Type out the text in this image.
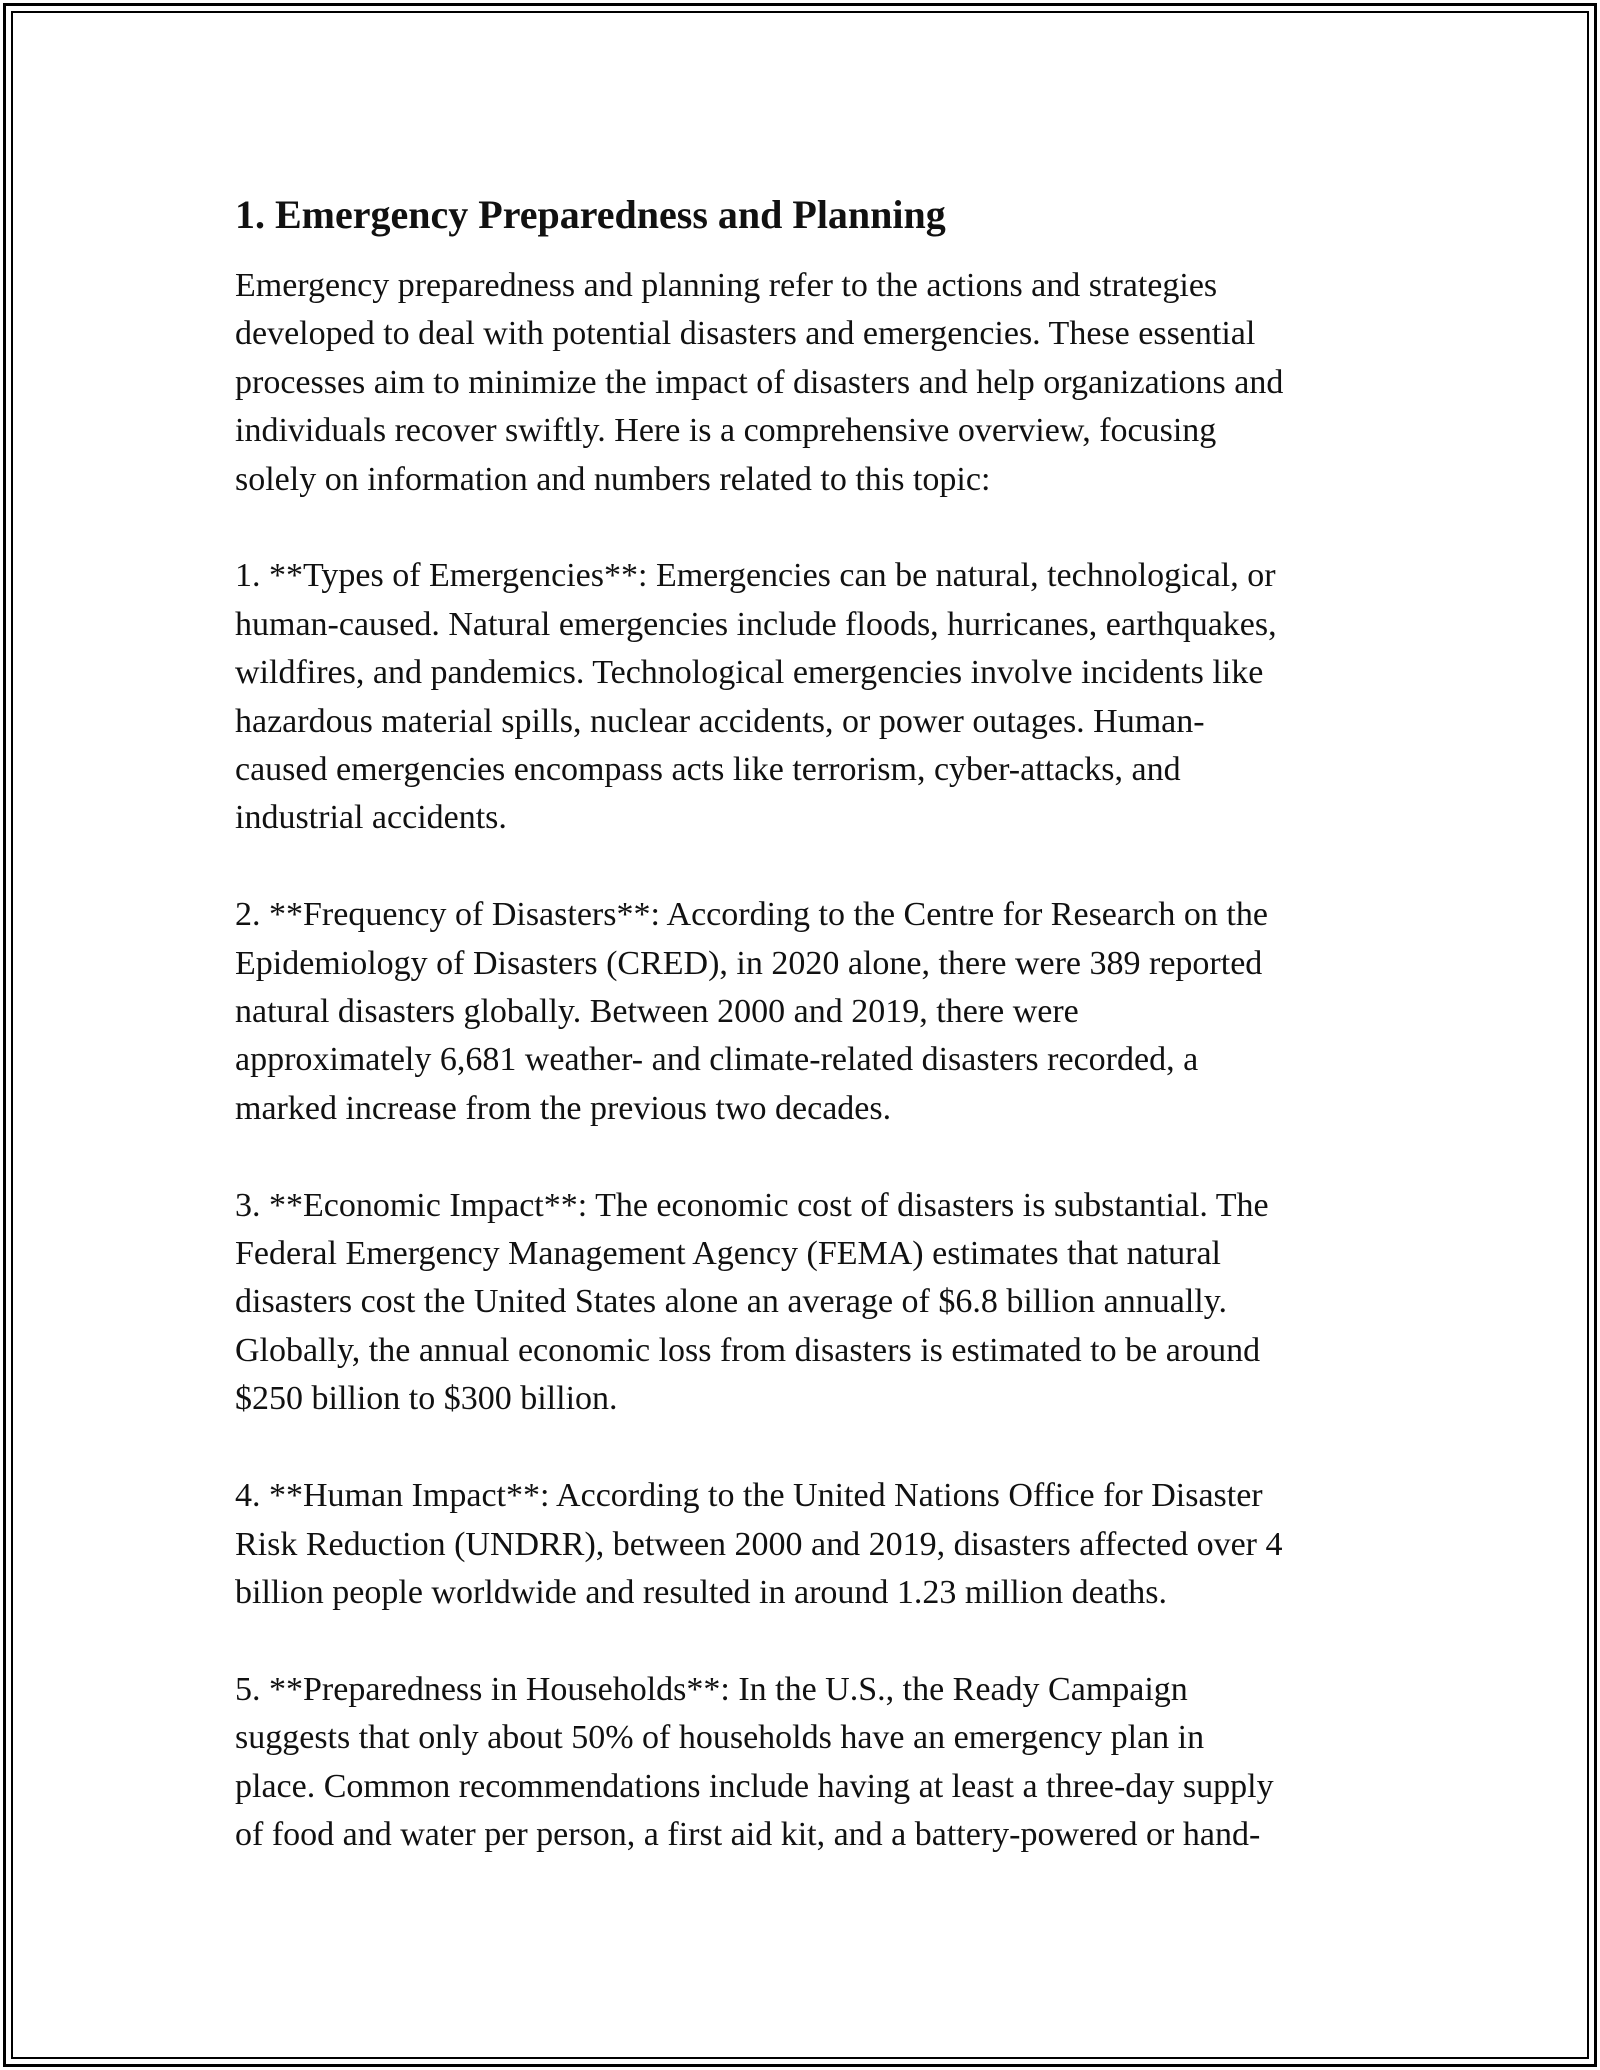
1. Emergency Preparedness and Planning
Emergency preparedness and planning refer to the actions and strategies
developed to deal with potential disasters and emergencies. These essential
processes aim to minimize the impact of disasters and help organizations and
individuals recover swiftly. Here is a comprehensive overview, focusing
solely on information and numbers related to this topic:
1. **Types of Emergencies**: Emergencies can be natural, technological, or
human-caused. Natural emergencies include floods, hurricanes, earthquakes,
wildfires, and pandemics. Technological emergencies involve incidents like
hazardous material spills, nuclear accidents, or power outages. Human-
caused emergencies encompass acts like terrorism, cyber-attacks, and
industrial accidents.
2. **Frequency of Disasters**: According to the Centre for Research on the
Epidemiology of Disasters (CRED), in 2020 alone, there were 389 reported
natural disasters globally. Between 2000 and 2019, there were
approximately 6,681 weather- and climate-related disasters recorded, a
marked increase from the previous two decades.
3. **Economic Impact**: The economic cost of disasters is substantial. The
Federal Emergency Management Agency (FEMA) estimates that natural
disasters cost the United States alone an average of $6.8 billion annually.
Globally, the annual economic loss from disasters is estimated to be around
$250 billion to $300 billion.
4. **Human Impact**: According to the United Nations Office for Disaster
Risk Reduction (UNDRR), between 2000 and 2019, disasters affected over 4
billion people worldwide and resulted in around 1.23 million deaths.
5. **Preparedness in Households**: In the U.S., the Ready Campaign
suggests that only about 50% of households have an emergency plan in
place. Common recommendations include having at least a three-day supply
of food and water per person, a first aid kit, and a battery-powered or hand-
